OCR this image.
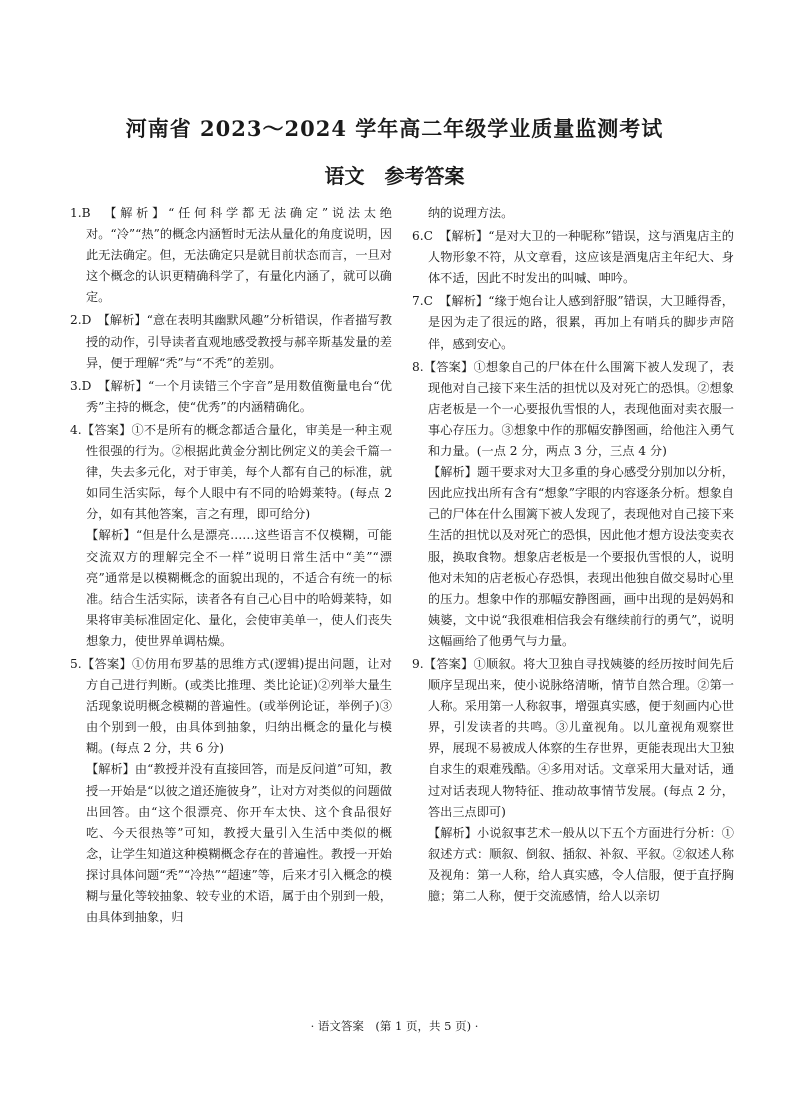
河南省 2023～2024 学年高二年级学业质量监测考试
语文　参考答案

1.B　【解析】“任何科学都无法确定”说法太绝对。“冷”“热”的概念内涵暂时无法从量化的角度说明，因此无法确定。但，无法确定只是就目前状态而言，一旦对这个概念的认识更精确科学了，有量化内涵了，就可以确定。

2.D　【解析】“意在表明其幽默风趣”分析错误，作者描写教授的动作，引导读者直观地感受教授与郝辛斯基发量的差异，便于理解“秃”与“不秃”的差别。

3.D　【解析】“一个月读错三个字音”是用数值衡量电台“优秀”主持的概念，使“优秀”的内涵精确化。

4.【答案】①不是所有的概念都适合量化，审美是一种主观性很强的行为。②根据此黄金分割比例定义的美会千篇一律，失去多元化，对于审美，每个人都有自己的标准，就如同生活实际，每个人眼中有不同的哈姆莱特。(每点 2 分，如有其他答案，言之有理，即可给分)

【解析】“但是什么是漂亮……这些语言不仅模糊，可能交流双方的理解完全不一样”说明日常生活中“美”“漂亮”通常是以模糊概念的面貌出现的，不适合有统一的标准。结合生活实际，读者各有自己心目中的哈姆莱特，如果将审美标准固定化、量化，会使审美单一，使人们丧失想象力，使世界单调枯燥。

5.【答案】①仿用布罗基的思维方式(逻辑)提出问题，让对方自己进行判断。(或类比推理、类比论证)②列举大量生活现象说明概念模糊的普遍性。(或举例论证，举例子)③由个别到一般，由具体到抽象，归纳出概念的量化与模糊。(每点 2 分，共 6 分)

【解析】由“教授并没有直接回答，而是反问道”可知，教授一开始是“以彼之道还施彼身”，让对方对类似的问题做出回答。由“这个很漂亮、你开车太快、这个食品很好吃、今天很热等”可知，教授大量引入生活中类似的概念，让学生知道这种模糊概念存在的普遍性。教授一开始探讨具体问题“秃”“冷热”“超速”等，后来才引入概念的模糊与量化等较抽象、较专业的术语，属于由个别到一般，由具体到抽象，归

纳的说理方法。

6.C　【解析】“是对大卫的一种昵称”错误，这与酒鬼店主的人物形象不符，从文章看，这应该是酒鬼店主年纪大、身体不适，因此不时发出的叫喊、呻吟。

7.C　【解析】“缘于炮台让人感到舒服”错误，大卫睡得香，是因为走了很远的路，很累，再加上有哨兵的脚步声陪伴，感到安心。

8.【答案】①想象自己的尸体在什么围篱下被人发现了，表现他对自己接下来生活的担忧以及对死亡的恐惧。②想象店老板是一个一心要报仇雪恨的人，表现他面对卖衣服一事心存压力。③想象中作的那幅安静图画，给他注入勇气和力量。(一点 2 分，两点 3 分，三点 4 分)

【解析】题干要求对大卫多重的身心感受分别加以分析，因此应找出所有含有“想象”字眼的内容逐条分析。想象自己的尸体在什么围篱下被人发现了，表现他对自己接下来生活的担忧以及对死亡的恐惧，因此他才想方设法变卖衣服，换取食物。想象店老板是一个要报仇雪恨的人，说明他对未知的店老板心存恐惧，表现出他独自做交易时心里的压力。想象中作的那幅安静图画，画中出现的是妈妈和姨婆，文中说“我很难相信我会有继续前行的勇气”，说明这幅画给了他勇气与力量。

9.【答案】①顺叙。将大卫独自寻找姨婆的经历按时间先后顺序呈现出来，使小说脉络清晰，情节自然合理。②第一人称。采用第一人称叙事，增强真实感，便于刻画内心世界，引发读者的共鸣。③儿童视角。以儿童视角观察世界，展现不易被成人体察的生存世界，更能表现出大卫独自求生的艰难残酷。④多用对话。文章采用大量对话，通过对话表现人物特征、推动故事情节发展。(每点 2 分，答出三点即可)

【解析】小说叙事艺术一般从以下五个方面进行分析：①叙述方式：顺叙、倒叙、插叙、补叙、平叙。②叙述人称及视角：第一人称，给人真实感，令人信服，便于直抒胸臆；第二人称，便于交流感情，给人以亲切

· 语文答案　(第 1 页，共 5 页) ·
